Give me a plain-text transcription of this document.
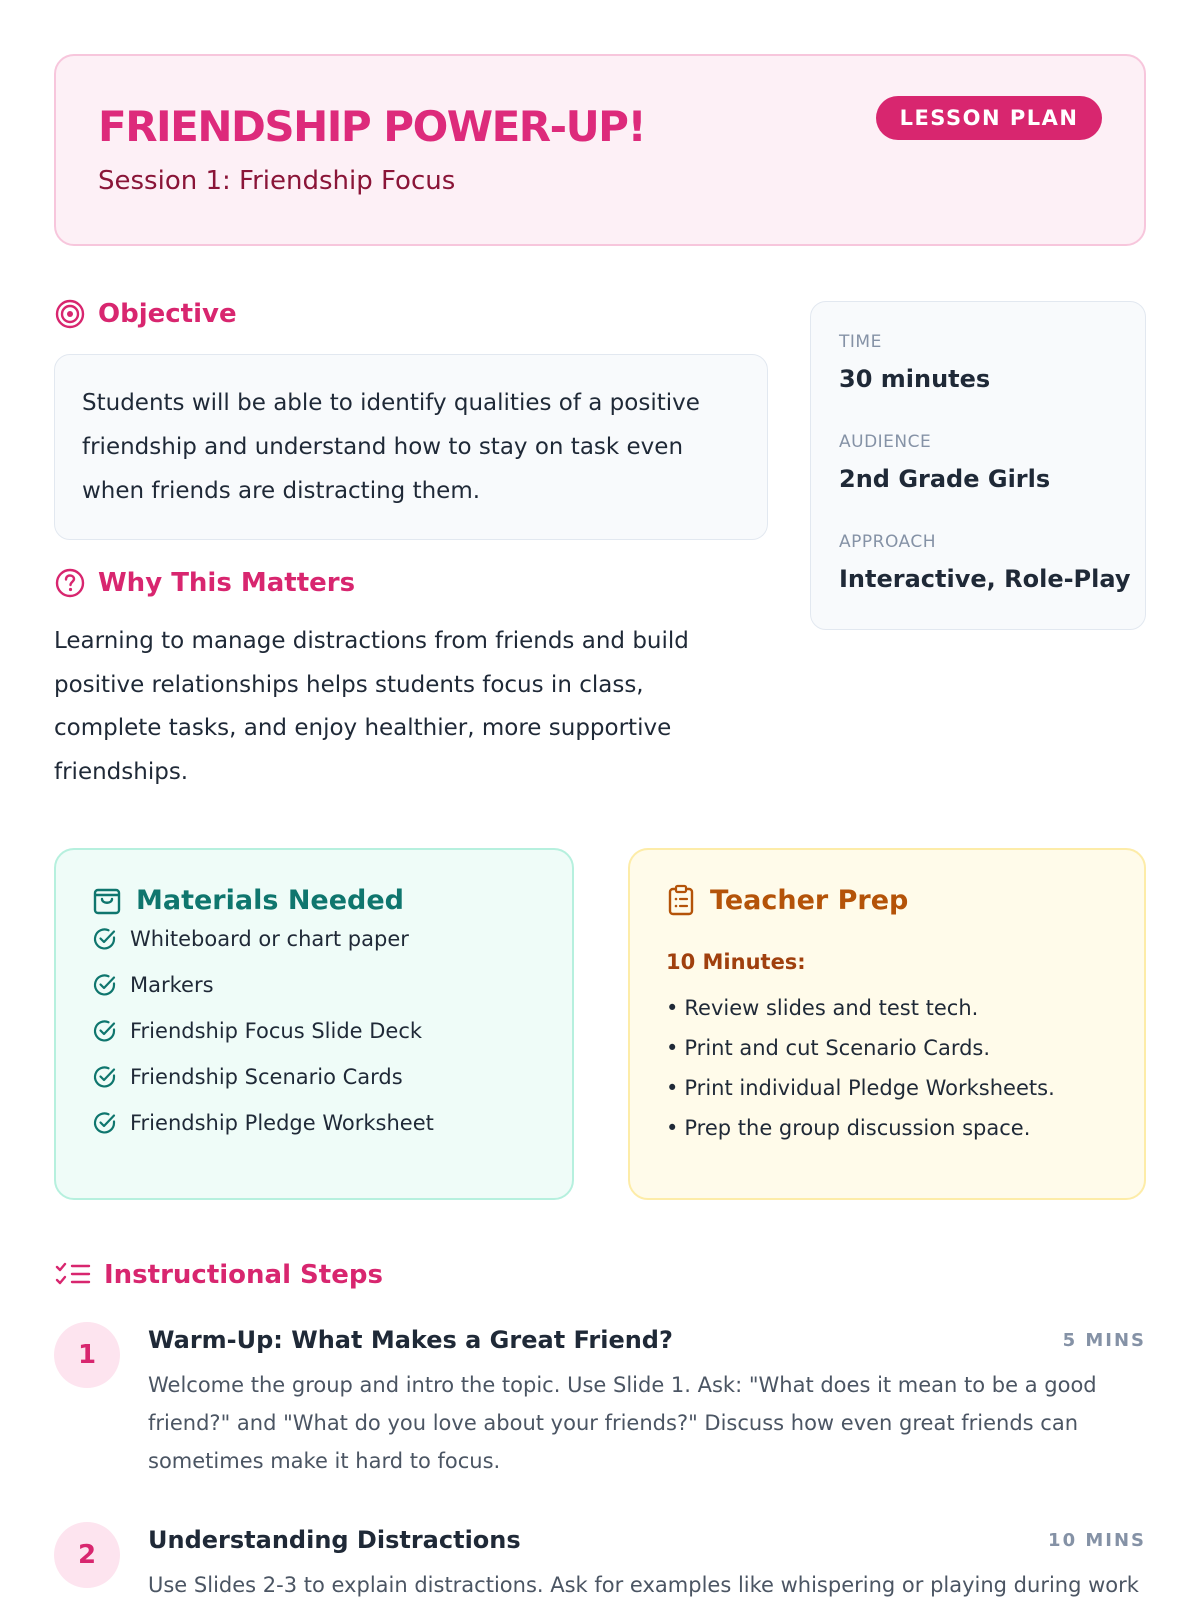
FRIENDSHIP POWER-UP!
Session 1: Friendship Focus
LESSON PLAN
Objective
Students will be able to identify qualities of a positive friendship and understand how to stay on task even when friends are distracting them.
Why This Matters
Learning to manage distractions from friends and build positive relationships helps students focus in class, complete tasks, and enjoy healthier, more supportive friendships.
TIME
30 minutes
AUDIENCE
2nd Grade Girls
APPROACH
Interactive, Role-Play
Materials Needed
Whiteboard or chart paper
Markers
Friendship Focus Slide Deck
Friendship Scenario Cards
Friendship Pledge Worksheet
Teacher Prep
10 Minutes:
• Review slides and test tech.
• Print and cut Scenario Cards.
• Print individual Pledge Worksheets.
• Prep the group discussion space.
Instructional Steps
1	Warm-Up: What Makes a Great Friend?	5 MINS
Welcome the group and intro the topic. Use Slide 1. Ask: "What does it mean to be a good friend?" and "What do you love about your friends?" Discuss how even great friends can sometimes make it hard to focus.
2	Understanding Distractions	10 MINS
Use Slides 2-3 to explain distractions. Ask for examples like whispering or playing during work
